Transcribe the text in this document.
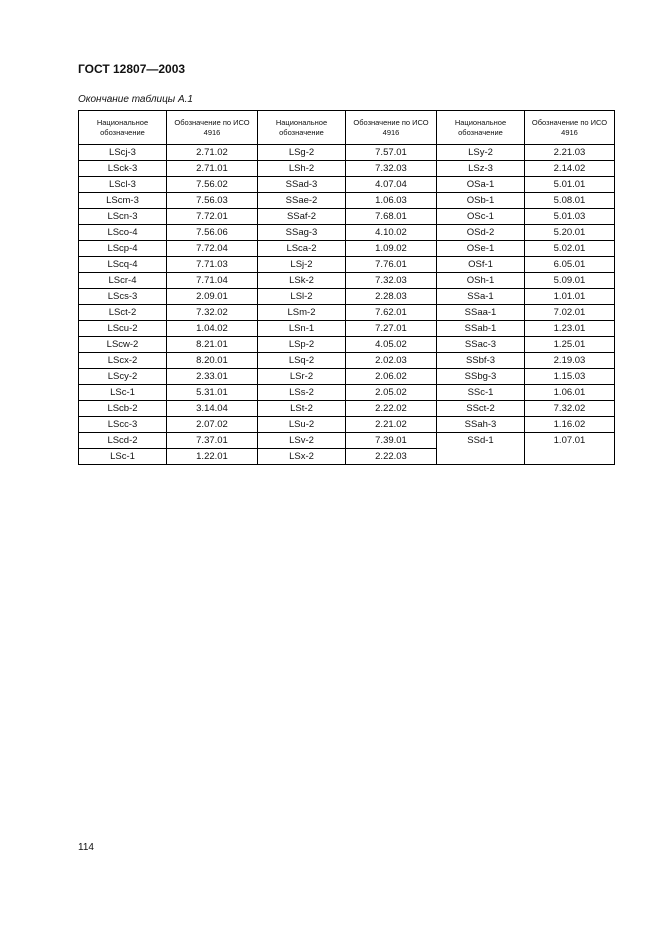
ГОСТ 12807—2003
Окончание таблицы А.1
Национальное обозначение	Обозначение по ИСО 4916	Национальное обозначение	Обозначение по ИСО 4916	Национальное обозначение	Обозначение по ИСО 4916
LScj-3	2.71.02	LSg-2	7.57.01	LSy-2	2.21.03
LSck-3	2.71.01	LSh-2	7.32.03	LSz-3	2.14.02
LScl-3	7.56.02	SSad-3	4.07.04	OSa-1	5.01.01
LScm-3	7.56.03	SSae-2	1.06.03	OSb-1	5.08.01
LScn-3	7.72.01	SSaf-2	7.68.01	OSc-1	5.01.03
LSco-4	7.56.06	SSag-3	4.10.02	OSd-2	5.20.01
LScp-4	7.72.04	LSca-2	1.09.02	OSe-1	5.02.01
LScq-4	7.71.03	LSj-2	7.76.01	OSf-1	6.05.01
LScr-4	7.71.04	LSk-2	7.32.03	OSh-1	5.09.01
LScs-3	2.09.01	LSl-2	2.28.03	SSa-1	1.01.01
LSct-2	7.32.02	LSm-2	7.62.01	SSaa-1	7.02.01
LScu-2	1.04.02	LSn-1	7.27.01	SSab-1	1.23.01
LScw-2	8.21.01	LSp-2	4.05.02	SSac-3	1.25.01
LScx-2	8.20.01	LSq-2	2.02.03	SSbf-3	2.19.03
LScy-2	2.33.01	LSr-2	2.06.02	SSbg-3	1.15.03
LSc-1	5.31.01	LSs-2	2.05.02	SSc-1	1.06.01
LScb-2	3.14.04	LSt-2	2.22.02	SSct-2	7.32.02
LScc-3	2.07.02	LSu-2	2.21.02	SSah-3	1.16.02
LScd-2	7.37.01	LSv-2	7.39.01	SSd-1	1.07.01
LSc-1	1.22.01	LSx-2	2.22.03		
114
